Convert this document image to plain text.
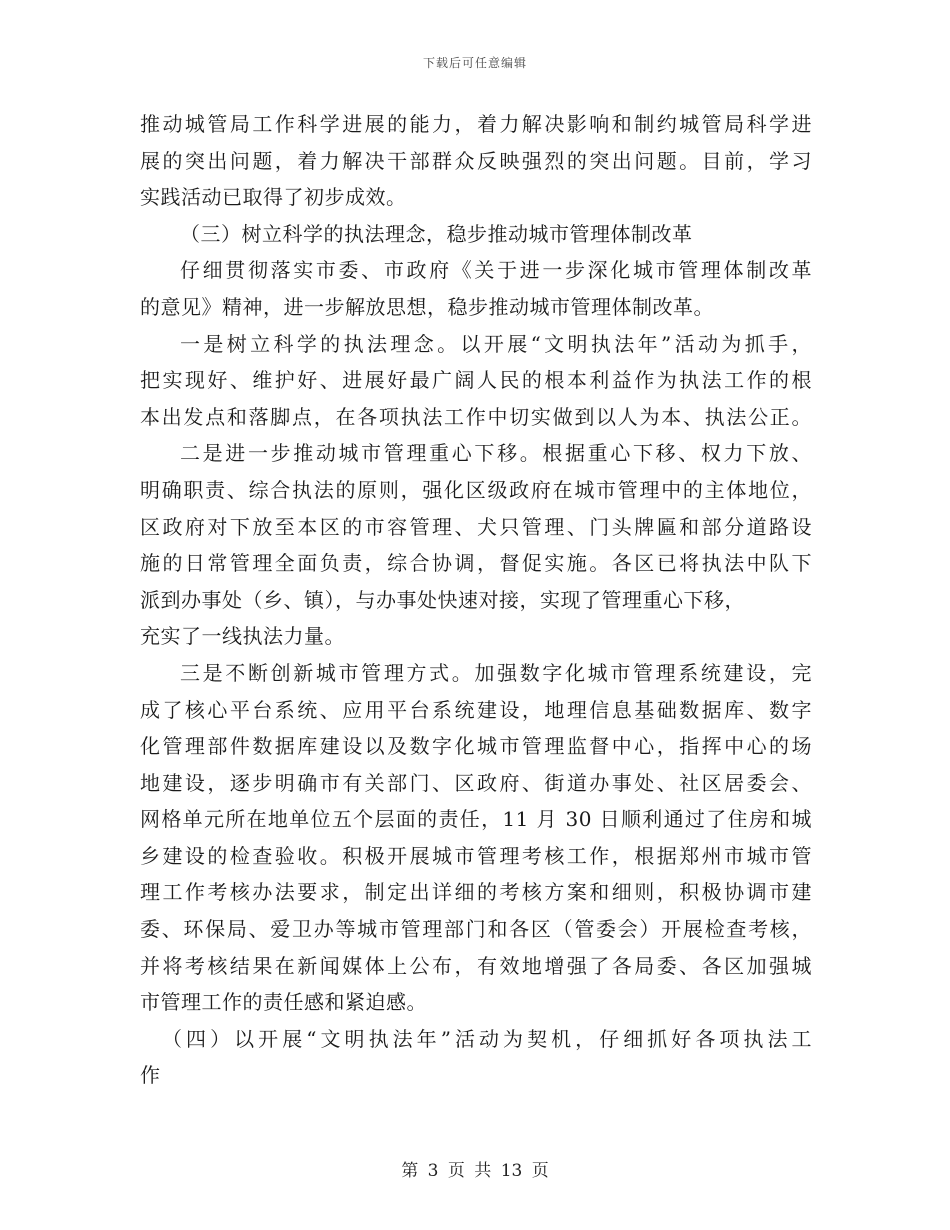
下载后可任意编辑
推动城管局工作科学进展的能力，着力解决影响和制约城管局科学进
展的突出问题，着力解决干部群众反映强烈的突出问题。目前，学习
实践活动已取得了初步成效。
（三）树立科学的执法理念，稳步推动城市管理体制改革
仔细贯彻落实市委、市政府《关于进一步深化城市管理体制改革
的意见》精神，进一步解放思想，稳步推动城市管理体制改革。
一是树立科学的执法理念。以开展“文明执法年”活动为抓手，
把实现好、维护好、进展好最广阔人民的根本利益作为执法工作的根
本出发点和落脚点，在各项执法工作中切实做到以人为本、执法公正。
二是进一步推动城市管理重心下移。根据重心下移、权力下放、
明确职责、综合执法的原则，强化区级政府在城市管理中的主体地位，
区政府对下放至本区的市容管理、犬只管理、门头牌匾和部分道路设
施的日常管理全面负责，综合协调，督促实施。各区已将执法中队下
派到办事处（乡、镇），与办事处快速对接，实现了管理重心下移，
充实了一线执法力量。
三是不断创新城市管理方式。加强数字化城市管理系统建设，完
成了核心平台系统、应用平台系统建设，地理信息基础数据库、数字
化管理部件数据库建设以及数字化城市管理监督中心，指挥中心的场
地建设，逐步明确市有关部门、区政府、街道办事处、社区居委会、
网格单元所在地单位五个层面的责任，11 月 30 日顺利通过了住房和城
乡建设的检查验收。积极开展城市管理考核工作，根据郑州市城市管
理工作考核办法要求，制定出详细的考核方案和细则，积极协调市建
委、环保局、爱卫办等城市管理部门和各区（管委会）开展检查考核，
并将考核结果在新闻媒体上公布，有效地增强了各局委、各区加强城
市管理工作的责任感和紧迫感。
（四）以开展“文明执法年”活动为契机，仔细抓好各项执法工
作
第 3 页 共 13 页
